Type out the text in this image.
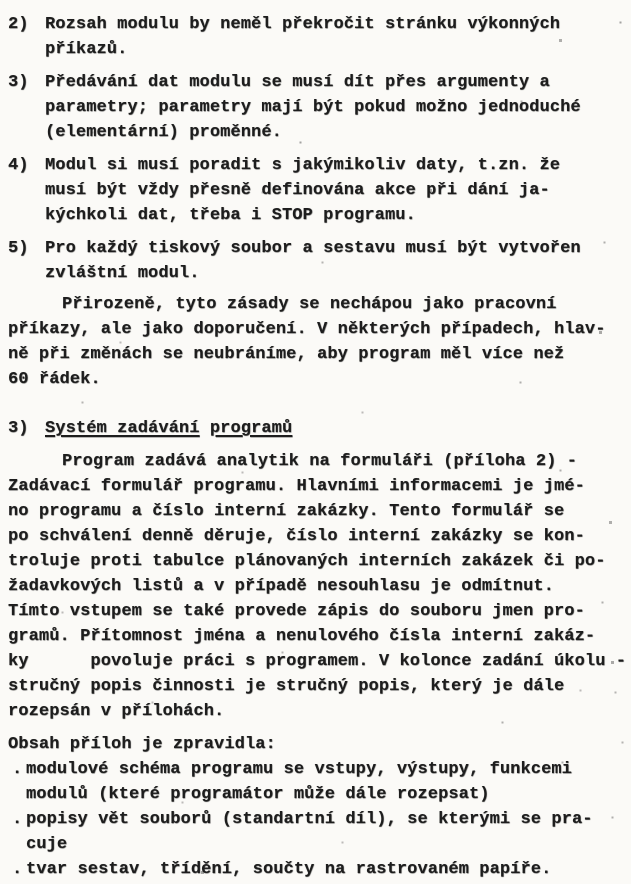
2) Rozsah modulu by neměl překročit stránku výkonných
příkazů.
3) Předávání dat modulu se musí dít přes argumenty a
parametry; parametry mají být pokud možno jednoduché
(elementární) proměnné.
4) Modul si musí poradit s jakýmikoliv daty, t.zn. že
musí být vždy přesně definována akce při dání ja-
kýchkoli dat, třeba i STOP programu.
5) Pro každý tiskový soubor a sestavu musí být vytvořen
zvláštní modul.
Přirozeně, tyto zásady se nechápou jako pracovní
příkazy, ale jako doporučení. V některých případech, hlav-
ně při změnách se neubráníme, aby program měl více než
60 řádek.
3) Systém zadávání programů
Program zadává analytik na formuláři (příloha 2) -
Zadávací formulář programu. Hlavními informacemi je jmé-
no programu a číslo interní zakázky. Tento formulář se
po schválení denně děruje, číslo interní zakázky se kon-
troluje proti tabulce plánovaných interních zakázek či po-
žadavkových listů a v případě nesouhlasu je odmítnut.
Tímto vstupem se také provede zápis do souboru jmen pro-
gramů. Přítomnost jména a nenulového čísla interní zakáz-
ky      povoluje práci s programem. V kolonce zadání úkolu -
stručný popis činnosti je stručný popis, který je dále
rozepsán v přílohách.
Obsah příloh je zpravidla:
. modulové schéma programu se vstupy, výstupy, funkcemi
modulů (které programátor může dále rozepsat)
. popisy vět souborů (standartní díl), se kterými se pra-
cuje
. tvar sestav, třídění, součty na rastrovaném papíře.
